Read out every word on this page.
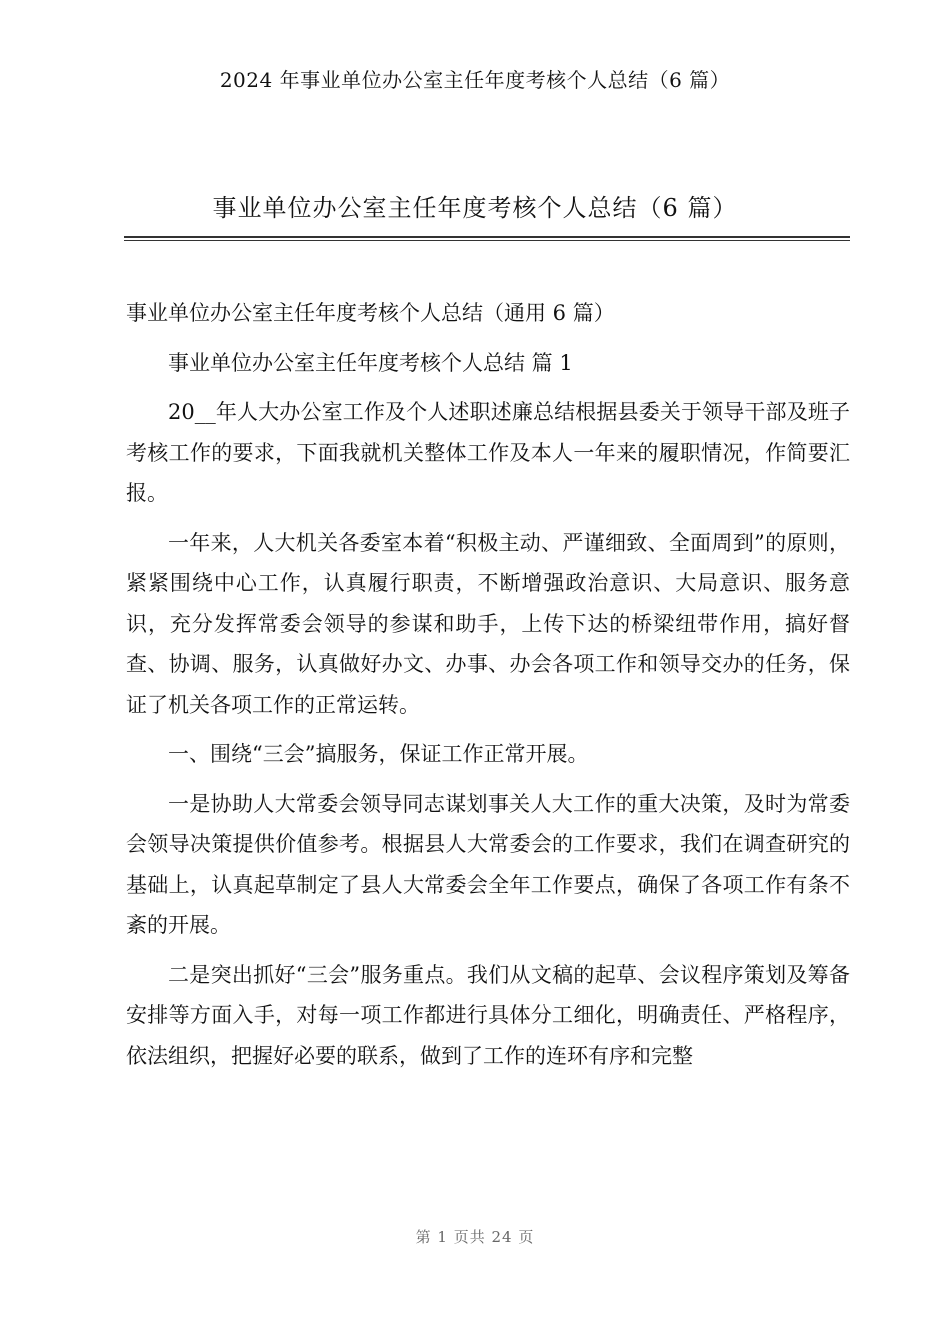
2024 年事业单位办公室主任年度考核个人总结（6 篇）
事业单位办公室主任年度考核个人总结（6 篇）

事业单位办公室主任年度考核个人总结（通用 6 篇）

事业单位办公室主任年度考核个人总结 篇 1

20__年人大办公室工作及个人述职述廉总结根据县委关于领导干部及班子考核工作的要求，下面我就机关整体工作及本人一年来的履职情况，作简要汇报。

一年来，人大机关各委室本着“积极主动、严谨细致、全面周到”的原则，紧紧围绕中心工作，认真履行职责，不断增强政治意识、大局意识、服务意识，充分发挥常委会领导的参谋和助手，上传下达的桥梁纽带作用，搞好督查、协调、服务，认真做好办文、办事、办会各项工作和领导交办的任务，保证了机关各项工作的正常运转。

一、围绕“三会”搞服务，保证工作正常开展。

一是协助人大常委会领导同志谋划事关人大工作的重大决策，及时为常委会领导决策提供价值参考。根据县人大常委会的工作要求，我们在调查研究的基础上，认真起草制定了县人大常委会全年工作要点，确保了各项工作有条不紊的开展。

二是突出抓好“三会”服务重点。我们从文稿的起草、会议程序策划及筹备安排等方面入手，对每一项工作都进行具体分工细化，明确责任、严格程序，依法组织，把握好必要的联系，做到了工作的连环有序和完整

第 1 页共 24 页
